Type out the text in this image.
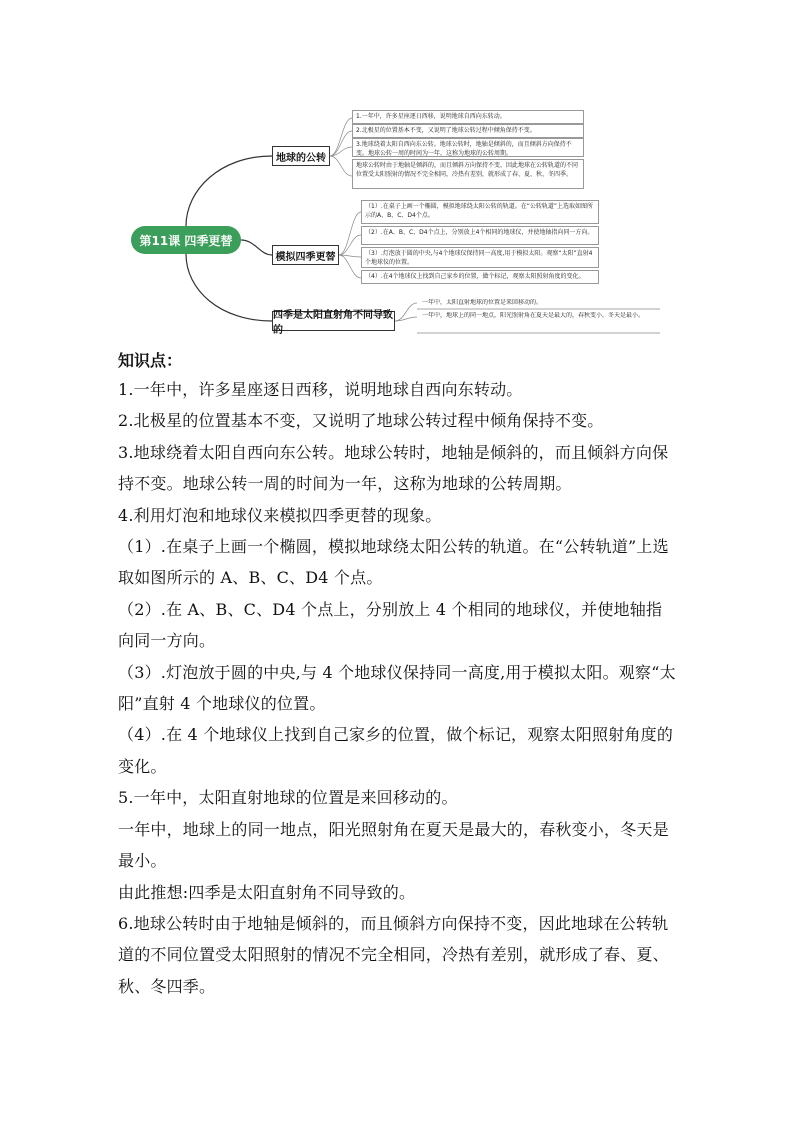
第11课 四季更替
地球的公转
模拟四季更替
四季是太阳直射角不同导致的
1.一年中，许多星座逐日西移，说明地球自西向东转动。
2.北极星的位置基本不变，又说明了地球公转过程中倾角保持不变。
3.地球绕着太阳自西向东公转。地球公转时，地轴是倾斜的，而且倾斜方向保持不变。地球公转一周的时间为一年，这称为地球的公转周期。
地球公转时由于地轴是倾斜的，而且倾斜方向保持不变，因此地球在公转轨道的不同位置受太阳照射的情况不完全相同，冷热有差别，就形成了春、夏、秋、冬四季。
（1）.在桌子上画一个椭圆，模拟地球绕太阳公转的轨道。在“公转轨道”上选取如图所示的A、B、C、D4个点。
（2）.在A、B、C、D4个点上，分别放上4个相同的地球仪，并使地轴指向同一方向。
（3）.灯泡放于圆的中央,与4个地球仪保持同一高度,用于模拟太阳。观察“太阳”直射4个地球仪的位置。
（4）.在4个地球仪上找到自己家乡的位置，做个标记，观察太阳照射角度的变化。
一年中，太阳直射地球的位置是来回移动的。
一年中，地球上的同一地点，阳光照射角在夏天是最大的，春秋变小，冬天是最小。

知识点：

1.一年中，许多星座逐日西移，说明地球自西向东转动。

2.北极星的位置基本不变，又说明了地球公转过程中倾角保持不变。

3.地球绕着太阳自西向东公转。地球公转时，地轴是倾斜的，而且倾斜方向保持不变。地球公转一周的时间为一年，这称为地球的公转周期。

4.利用灯泡和地球仪来模拟四季更替的现象。

（1）.在桌子上画一个椭圆，模拟地球绕太阳公转的轨道。在“公转轨道”上选取如图所示的 A、B、C、D4 个点。

（2）.在 A、B、C、D4 个点上，分别放上 4 个相同的地球仪，并使地轴指向同一方向。

（3）.灯泡放于圆的中央,与 4 个地球仪保持同一高度,用于模拟太阳。观察“太阳”直射 4 个地球仪的位置。

（4）.在 4 个地球仪上找到自己家乡的位置，做个标记，观察太阳照射角度的变化。

5.一年中，太阳直射地球的位置是来回移动的。

一年中，地球上的同一地点，阳光照射角在夏天是最大的，春秋变小，冬天是最小。

由此推想:四季是太阳直射角不同导致的。

6.地球公转时由于地轴是倾斜的，而且倾斜方向保持不变，因此地球在公转轨道的不同位置受太阳照射的情况不完全相同，冷热有差别，就形成了春、夏、秋、冬四季。
